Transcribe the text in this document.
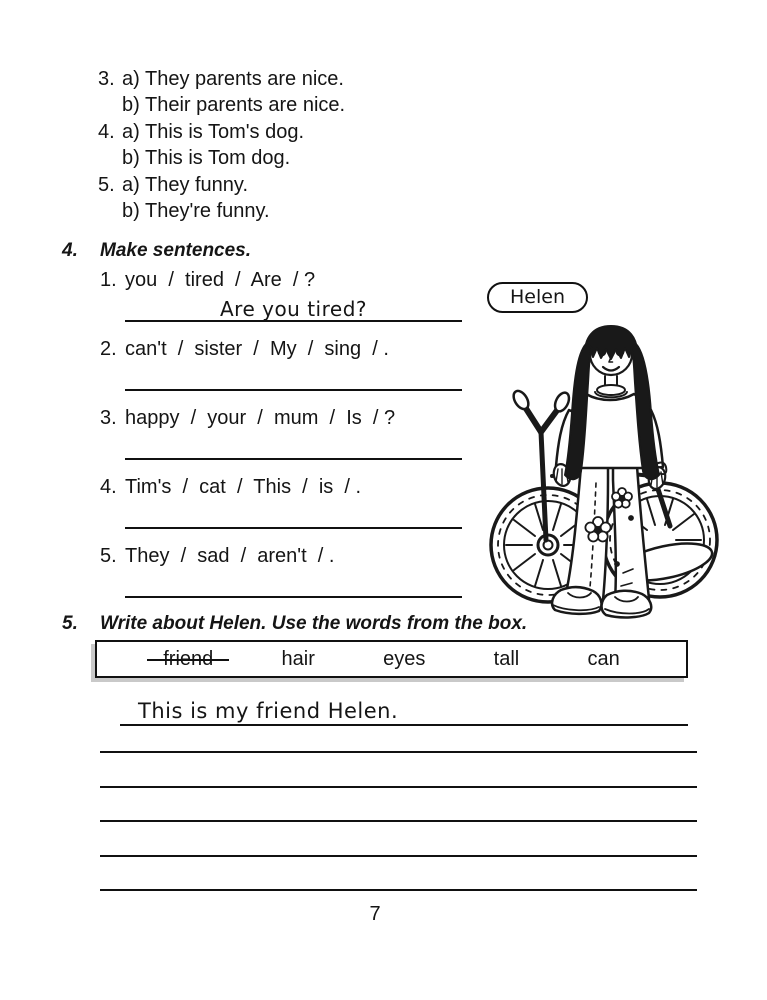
3. a) They parents are nice.
b) Their parents are nice.
4. a) This is Tom's dog.
b) This is Tom dog.
5. a) They funny.
b) They're funny.
4.	Make sentences.
1. you  /  tired  /  Are  / ?
Are you tired?
2. can't  /  sister  /  My  /  sing  / .
3. happy  /  your  /  mum  /  Is  / ?
4. Tim's  /  cat  /  This  /  is  / .
5. They  /  sad  /  aren't  / .
Helen
5.	Write about Helen. Use the words from the box.
friend	hair	eyes	tall	can
This is my friend Helen.
7
